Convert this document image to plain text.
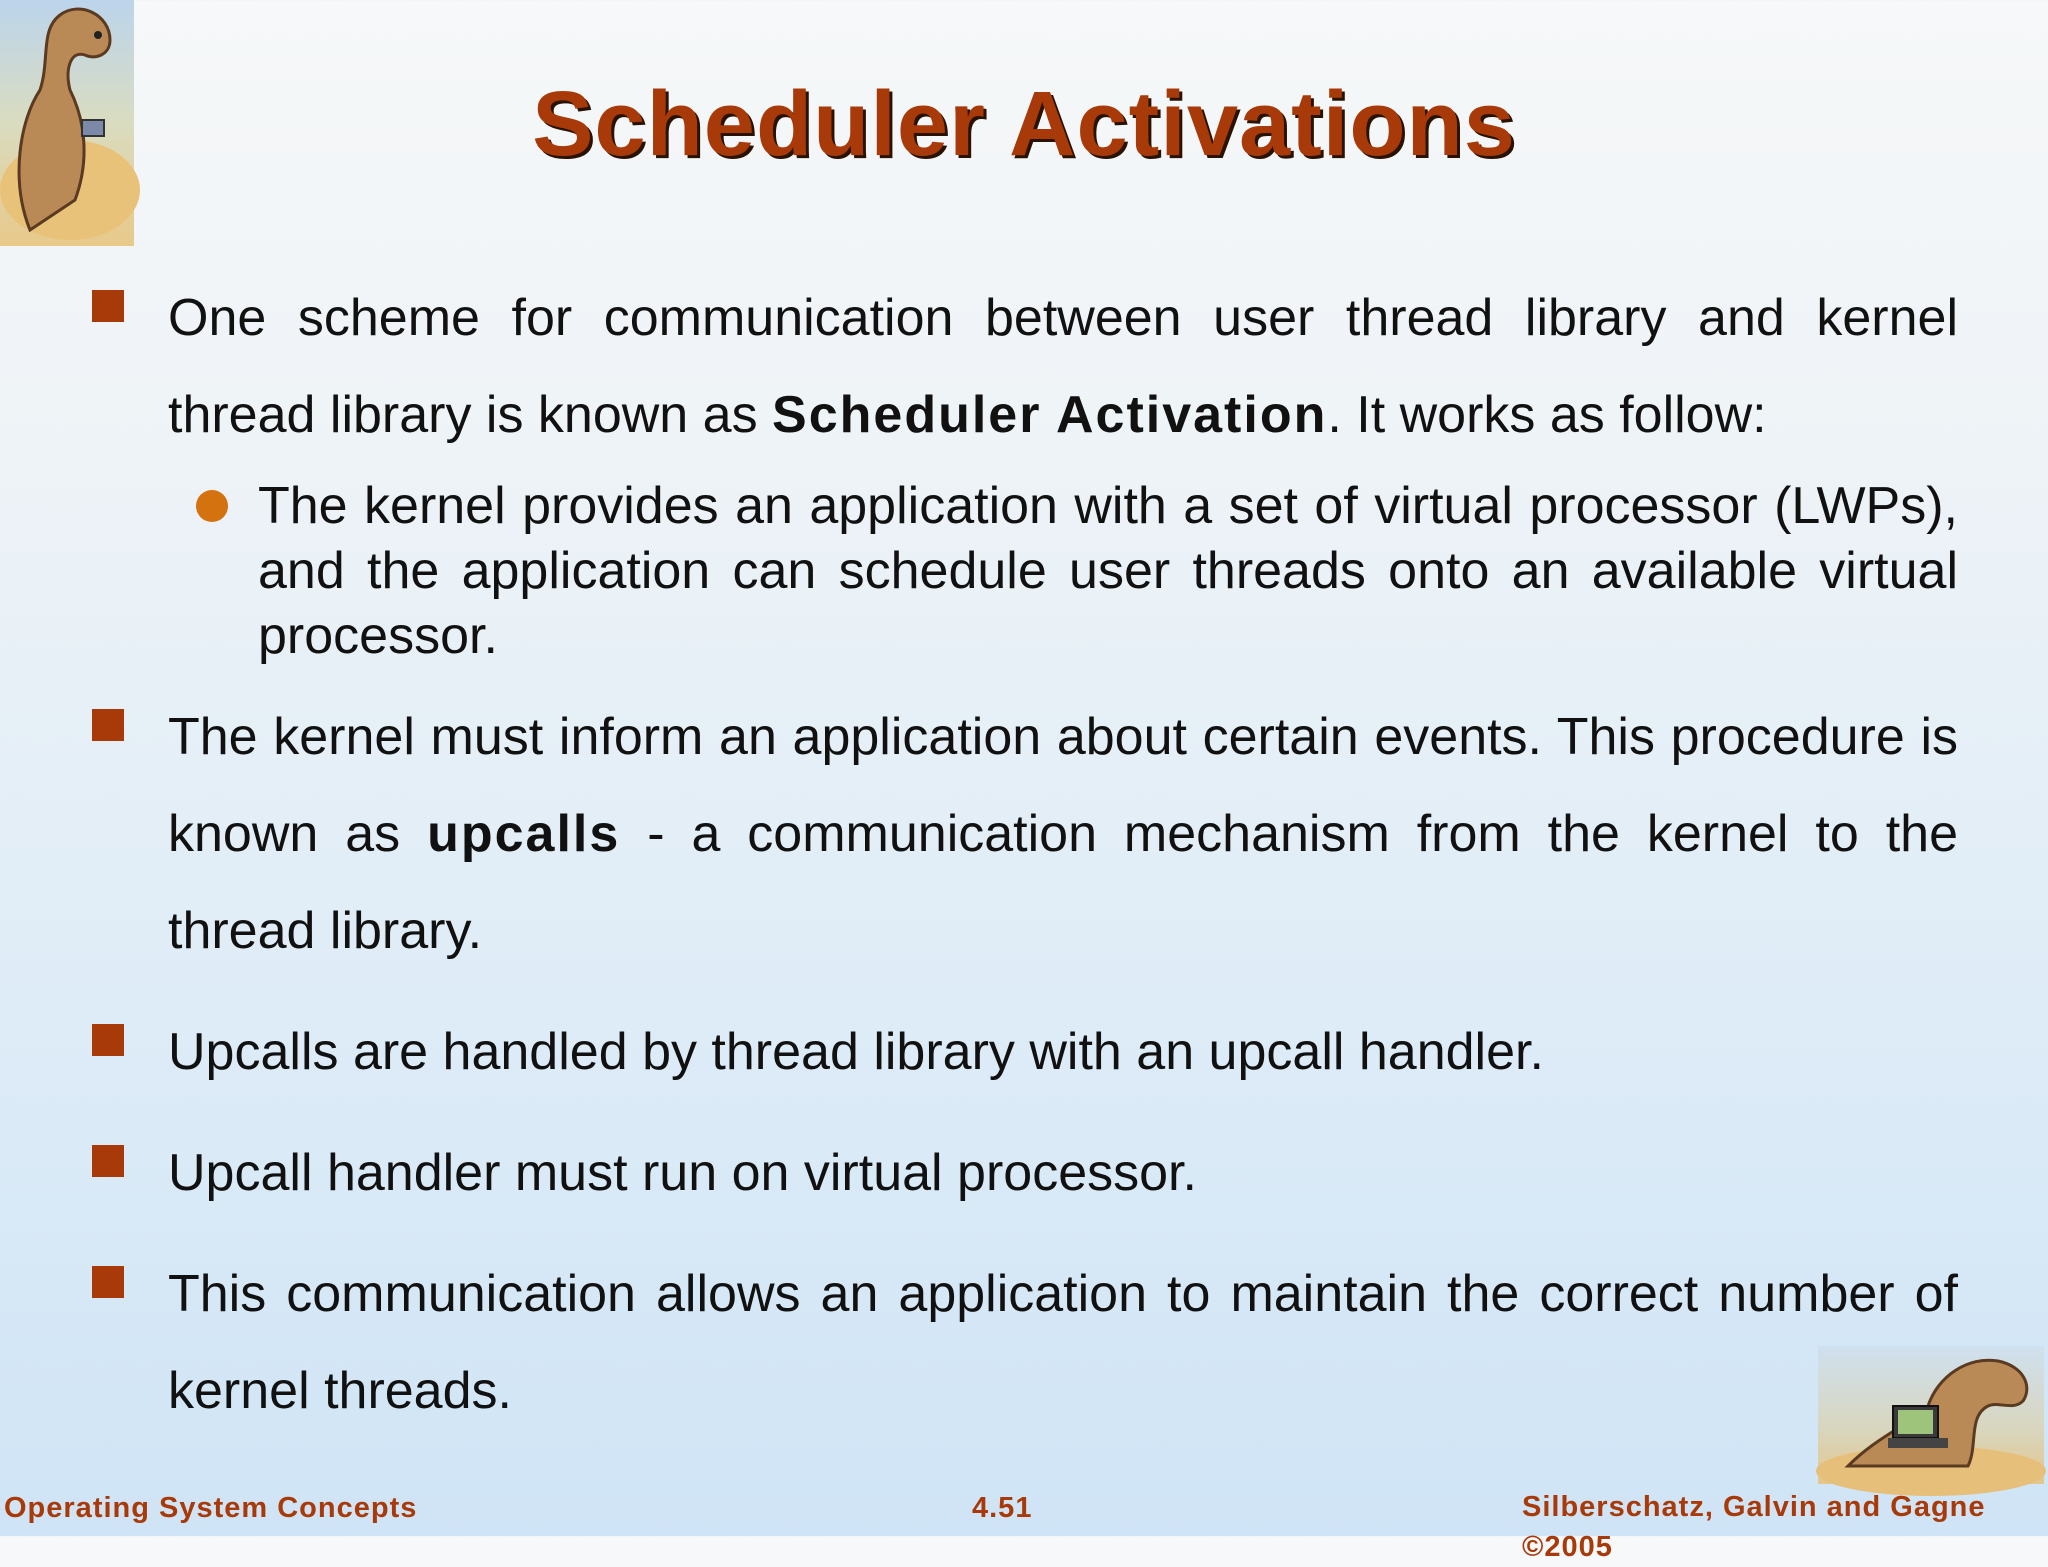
Scheduler Activations
One scheme for communication between user thread library and kernel thread library is known as Scheduler Activation. It works as follow:
The kernel provides an application with a set of virtual processor (LWPs), and the application can schedule user threads onto an available virtual processor.
The kernel must inform an application about certain events. This procedure is known as upcalls - a communication mechanism from the kernel to the thread library.
Upcalls are handled by thread library with an upcall handler.
Upcall handler must run on virtual processor.
This communication allows an application to maintain the correct number of kernel threads.
Operating System Concepts	4.51	Silberschatz, Galvin and Gagne ©2005
